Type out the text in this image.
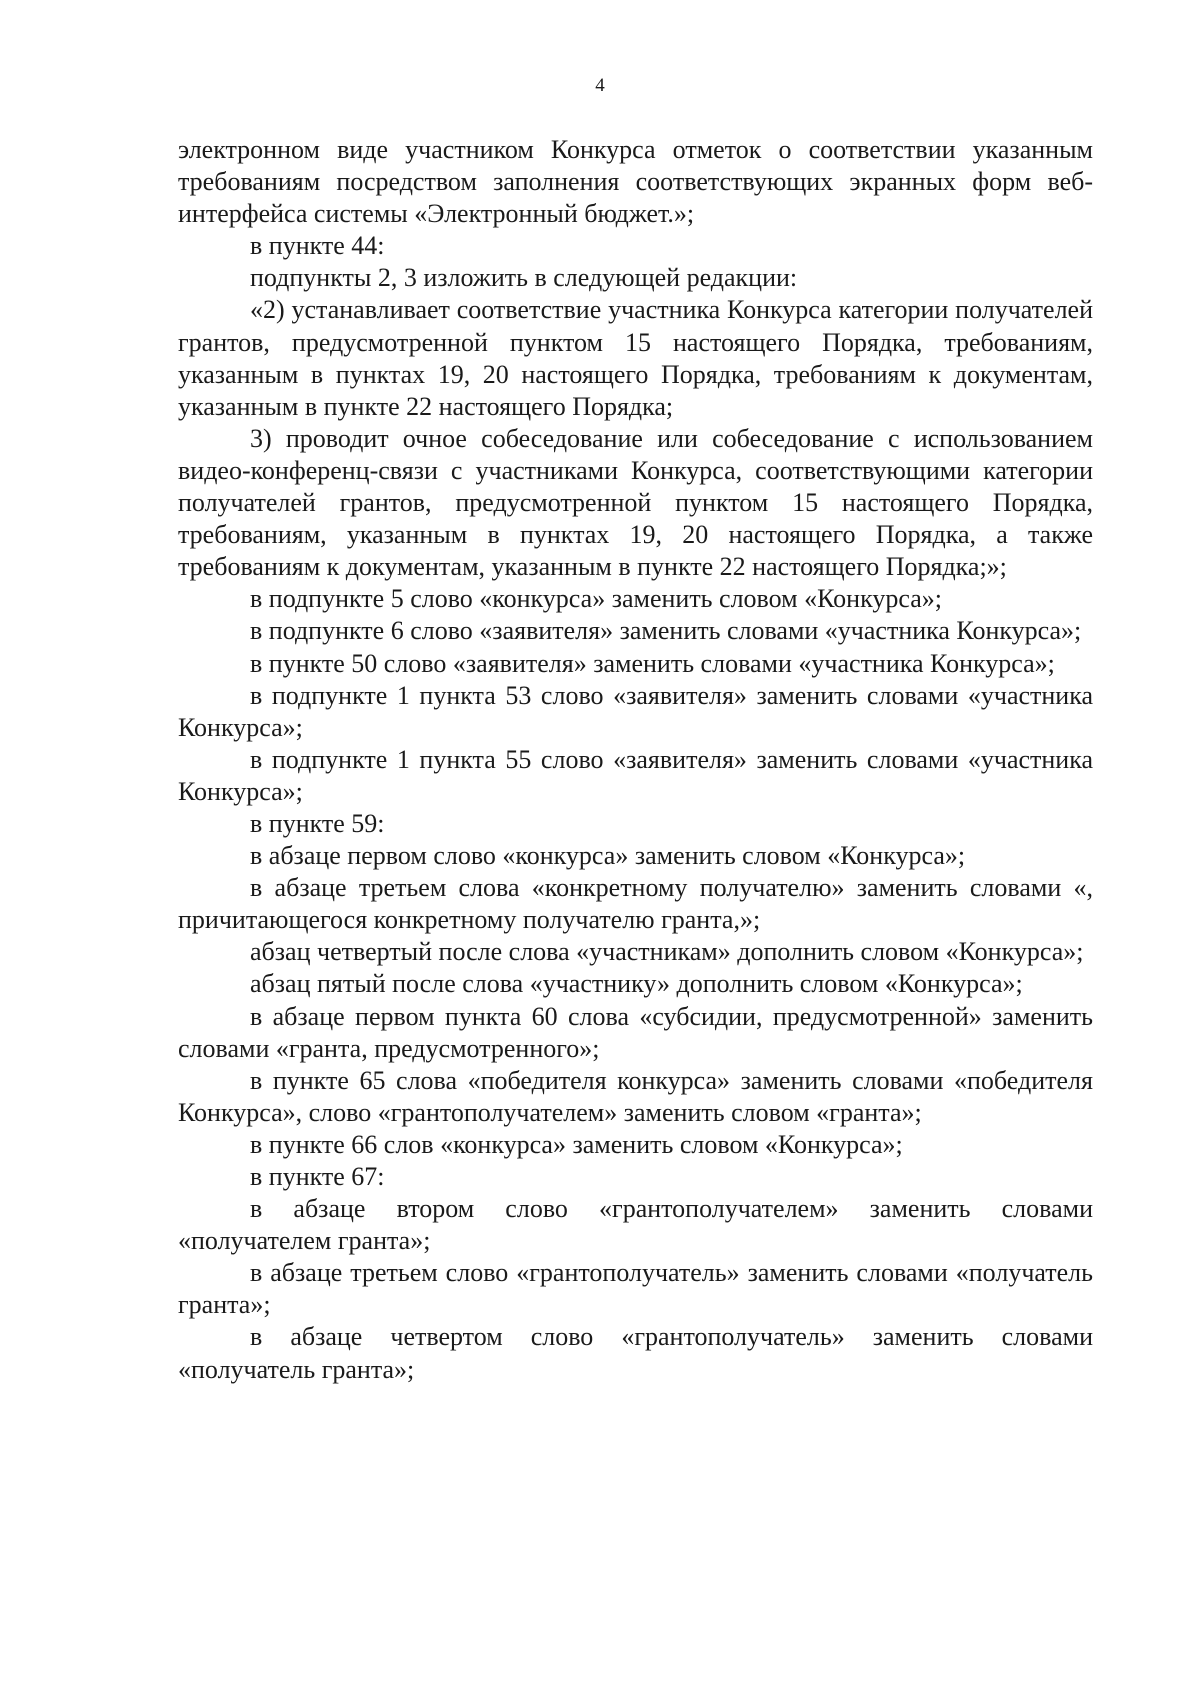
4

электронном виде участником Конкурса отметок о соответствии указанным требованиям посредством заполнения соответствующих экранных форм веб-интерфейса системы «Электронный бюджет.»;

в пункте 44:

подпункты 2, 3 изложить в следующей редакции:

«2) устанавливает соответствие участника Конкурса категории получателей грантов, предусмотренной пунктом 15 настоящего Порядка, требованиям, указанным в пунктах 19, 20 настоящего Порядка, требованиям к документам, указанным в пункте 22 настоящего Порядка;

3) проводит очное собеседование или собеседование с использованием видео-конференц-связи с участниками Конкурса, соответствующими категории получателей грантов, предусмотренной пунктом 15 настоящего Порядка, требованиям, указанным в пунктах 19, 20 настоящего Порядка, а также требованиям к документам, указанным в пункте 22 настоящего Порядка;»;

в подпункте 5 слово «конкурса» заменить словом «Конкурса»;

в подпункте 6 слово «заявителя» заменить словами «участника Конкурса»;

в пункте 50 слово «заявителя» заменить словами «участника Конкурса»;

в подпункте 1 пункта 53 слово «заявителя» заменить словами «участника Конкурса»;

в подпункте 1 пункта 55 слово «заявителя» заменить словами «участника Конкурса»;

в пункте 59:

в абзаце первом слово «конкурса» заменить словом «Конкурса»;

в абзаце третьем слова «конкретному получателю» заменить словами «, причитающегося конкретному получателю гранта,»;

абзац четвертый после слова «участникам» дополнить словом «Конкурса»;

абзац пятый после слова «участнику» дополнить словом «Конкурса»;

в абзаце первом пункта 60 слова «субсидии, предусмотренной» заменить словами «гранта, предусмотренного»;

в пункте 65 слова «победителя конкурса» заменить словами «победителя Конкурса», слово «грантополучателем» заменить словом «гранта»;

в пункте 66 слов «конкурса» заменить словом «Конкурса»;

в пункте 67:

в абзаце втором слово «грантополучателем» заменить словами «получателем гранта»;

в абзаце третьем слово «грантополучатель» заменить словами «получатель гранта»;

в абзаце четвертом слово «грантополучатель» заменить словами «получатель гранта»;
